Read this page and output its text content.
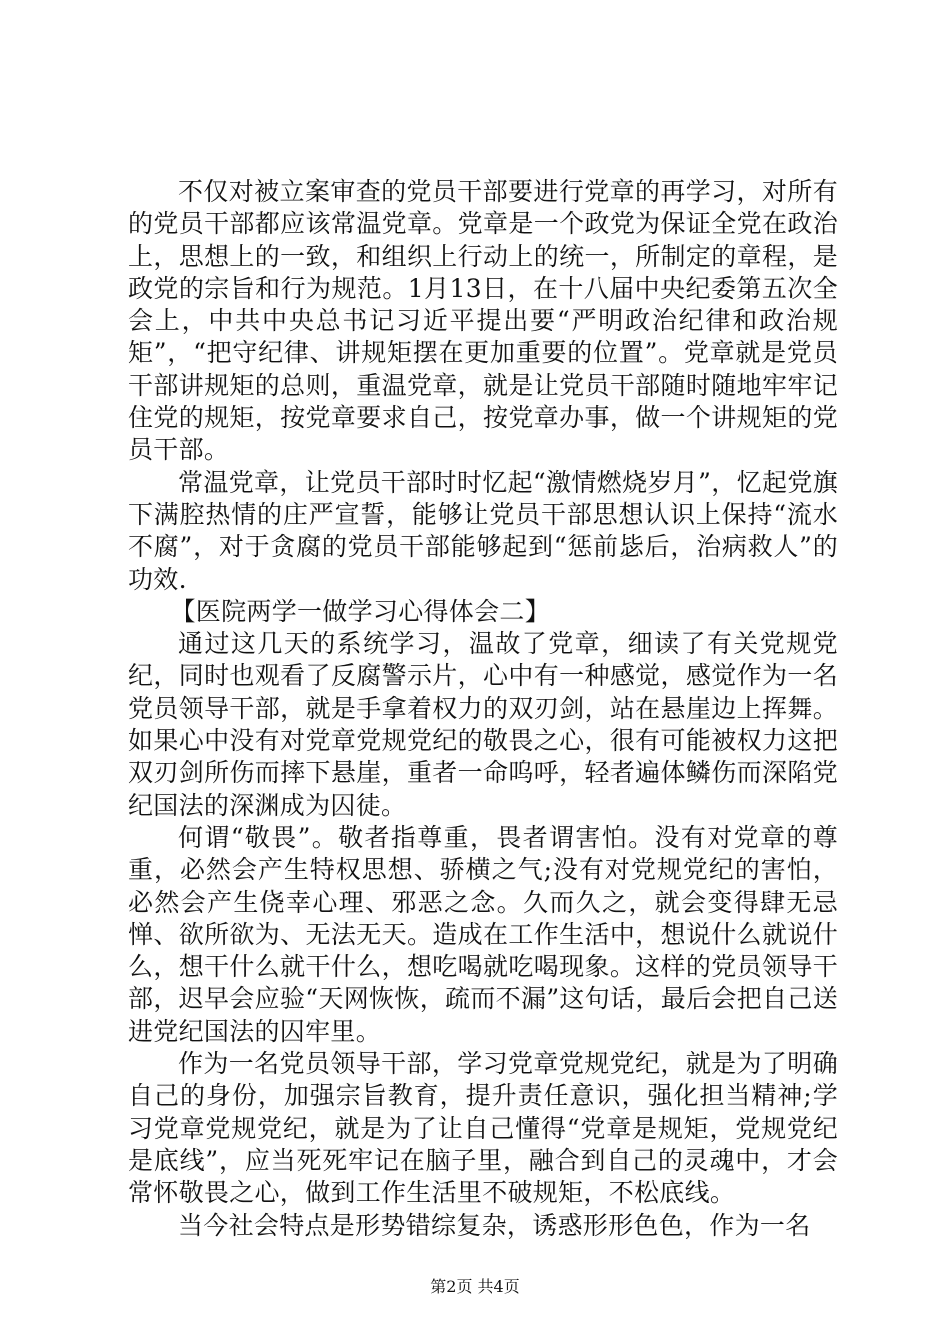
不仅对被立案审查的党员干部要进行党章的再学习，对所有的党员干部都应该常温党章。党章是一个政党为保证全党在政治上，思想上的一致，和组织上行动上的统一，所制定的章程，是政党的宗旨和行为规范。1月13日，在十八届中央纪委第五次全会上，中共中央总书记习近平提出要“严明政治纪律和政治规矩”，“把守纪律、讲规矩摆在更加重要的位置”。党章就是党员干部讲规矩的总则，重温党章，就是让党员干部随时随地牢牢记住党的规矩，按党章要求自己，按党章办事，做一个讲规矩的党员干部。

常温党章，让党员干部时时忆起“激情燃烧岁月”，忆起党旗下满腔热情的庄严宣誓，能够让党员干部思想认识上保持“流水不腐”，对于贪腐的党员干部能够起到“惩前毖后，治病救人”的功效.

【医院两学一做学习心得体会二】

通过这几天的系统学习，温故了党章，细读了有关党规党纪，同时也观看了反腐警示片，心中有一种感觉，感觉作为一名党员领导干部，就是手拿着权力的双刃剑，站在悬崖边上挥舞。如果心中没有对党章党规党纪的敬畏之心，很有可能被权力这把双刃剑所伤而摔下悬崖，重者一命呜呼，轻者遍体鳞伤而深陷党纪国法的深渊成为囚徒。

何谓“敬畏”。敬者指尊重，畏者谓害怕。没有对党章的尊重，必然会产生特权思想、骄横之气;没有对党规党纪的害怕，必然会产生侥幸心理、邪恶之念。久而久之，就会变得肆无忌惮、欲所欲为、无法无天。造成在工作生活中，想说什么就说什么，想干什么就干什么，想吃喝就吃喝现象。这样的党员领导干部，迟早会应验“天网恢恢，疏而不漏”这句话，最后会把自己送进党纪国法的囚牢里。

作为一名党员领导干部，学习党章党规党纪，就是为了明确自己的身份，加强宗旨教育，提升责任意识，强化担当精神;学习党章党规党纪，就是为了让自己懂得“党章是规矩，党规党纪是底线”，应当死死牢记在脑子里，融合到自己的灵魂中，才会常怀敬畏之心，做到工作生活里不破规矩，不松底线。

当今社会特点是形势错综复杂，诱惑形形色色，作为一名

第2页 共4页
